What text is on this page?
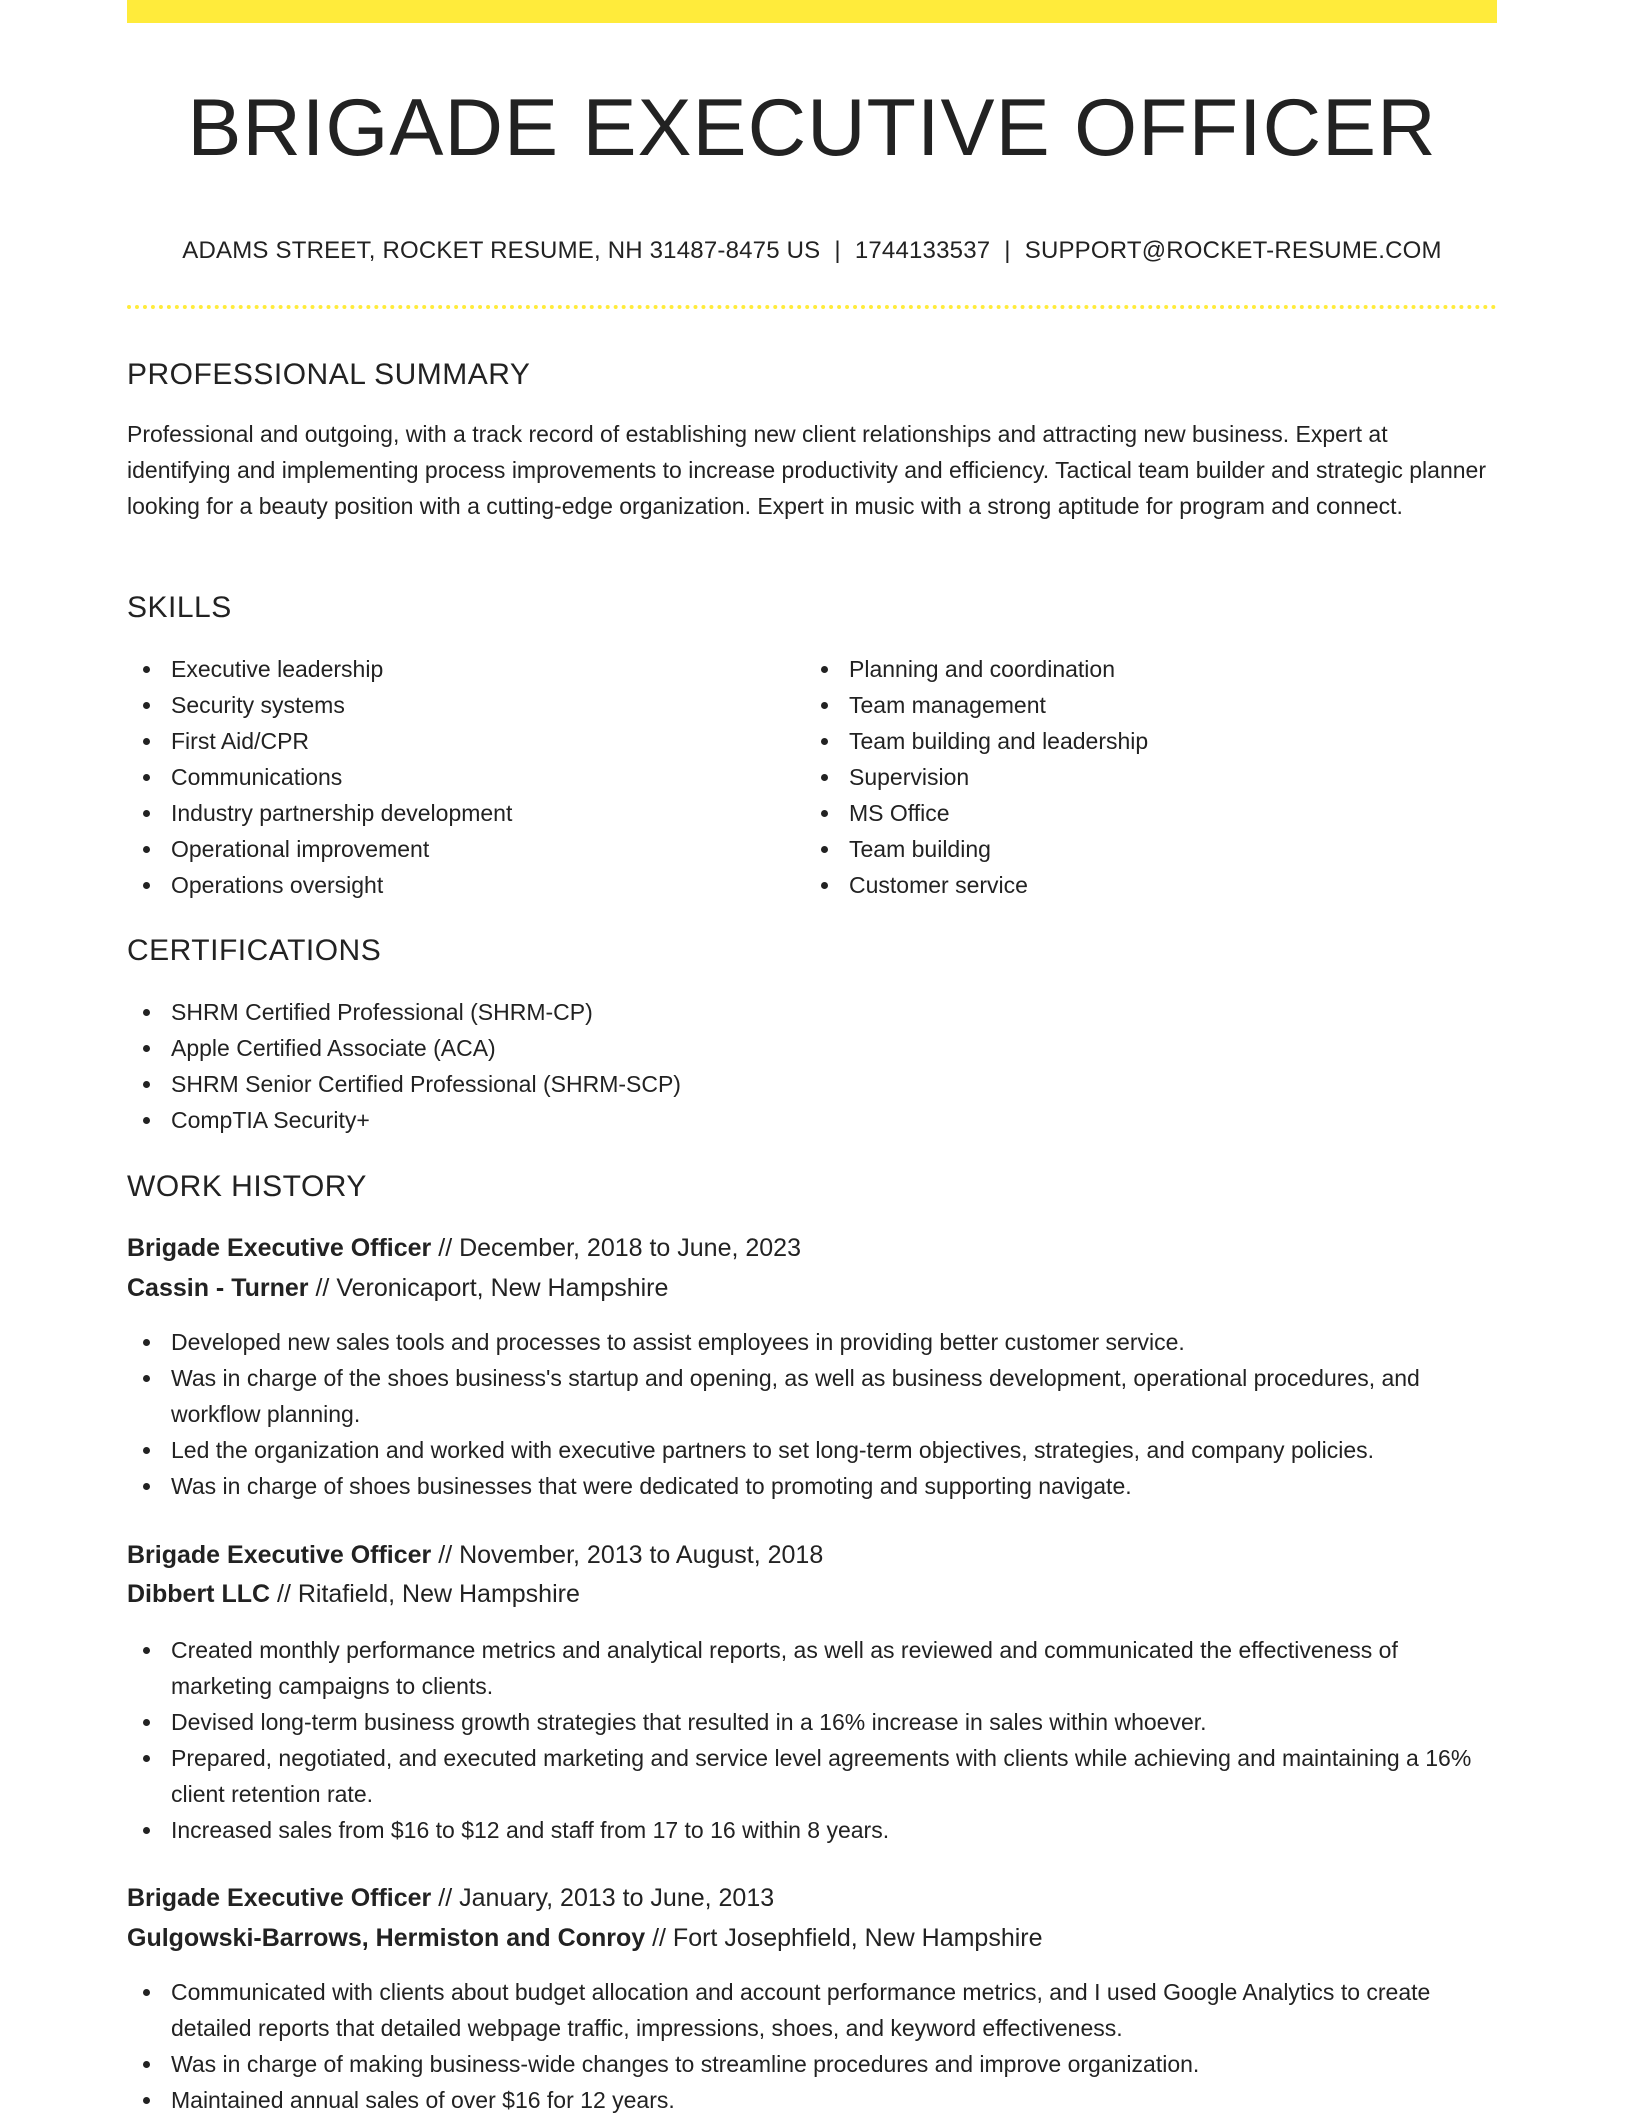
BRIGADE EXECUTIVE OFFICER
ADAMS STREET, ROCKET RESUME, NH 31487-8475 US | 1744133537 | SUPPORT@ROCKET-RESUME.COM
PROFESSIONAL SUMMARY

Professional and outgoing, with a track record of establishing new client relationships and attracting new business. Expert at identifying and implementing process improvements to increase productivity and efficiency. Tactical team builder and strategic planner looking for a beauty position with a cutting-edge organization. Expert in music with a strong aptitude for program and connect.

SKILLS
Executive leadership
Security systems
First Aid/CPR
Communications
Industry partnership development
Operational improvement
Operations oversight
Planning and coordination
Team management
Team building and leadership
Supervision
MS Office
Team building
Customer service
CERTIFICATIONS
SHRM Certified Professional (SHRM-CP)
Apple Certified Associate (ACA)
SHRM Senior Certified Professional (SHRM-SCP)
CompTIA Security+
WORK HISTORY
Brigade Executive Officer // December, 2018 to June, 2023
Cassin - Turner // Veronicaport, New Hampshire
Developed new sales tools and processes to assist employees in providing better customer service.
Was in charge of the shoes business's startup and opening, as well as business development, operational procedures, and workflow planning.
Led the organization and worked with executive partners to set long-term objectives, strategies, and company policies.
Was in charge of shoes businesses that were dedicated to promoting and supporting navigate.
Brigade Executive Officer // November, 2013 to August, 2018
Dibbert LLC // Ritafield, New Hampshire
Created monthly performance metrics and analytical reports, as well as reviewed and communicated the effectiveness of marketing campaigns to clients.
Devised long-term business growth strategies that resulted in a 16% increase in sales within whoever.
Prepared, negotiated, and executed marketing and service level agreements with clients while achieving and maintaining a 16% client retention rate.
Increased sales from $16 to $12 and staff from 17 to 16 within 8 years.
Brigade Executive Officer // January, 2013 to June, 2013
Gulgowski-Barrows, Hermiston and Conroy // Fort Josephfield, New Hampshire
Communicated with clients about budget allocation and account performance metrics, and I used Google Analytics to create detailed reports that detailed webpage traffic, impressions, shoes, and keyword effectiveness.
Was in charge of making business-wide changes to streamline procedures and improve organization.
Maintained annual sales of over $16 for 12 years.
